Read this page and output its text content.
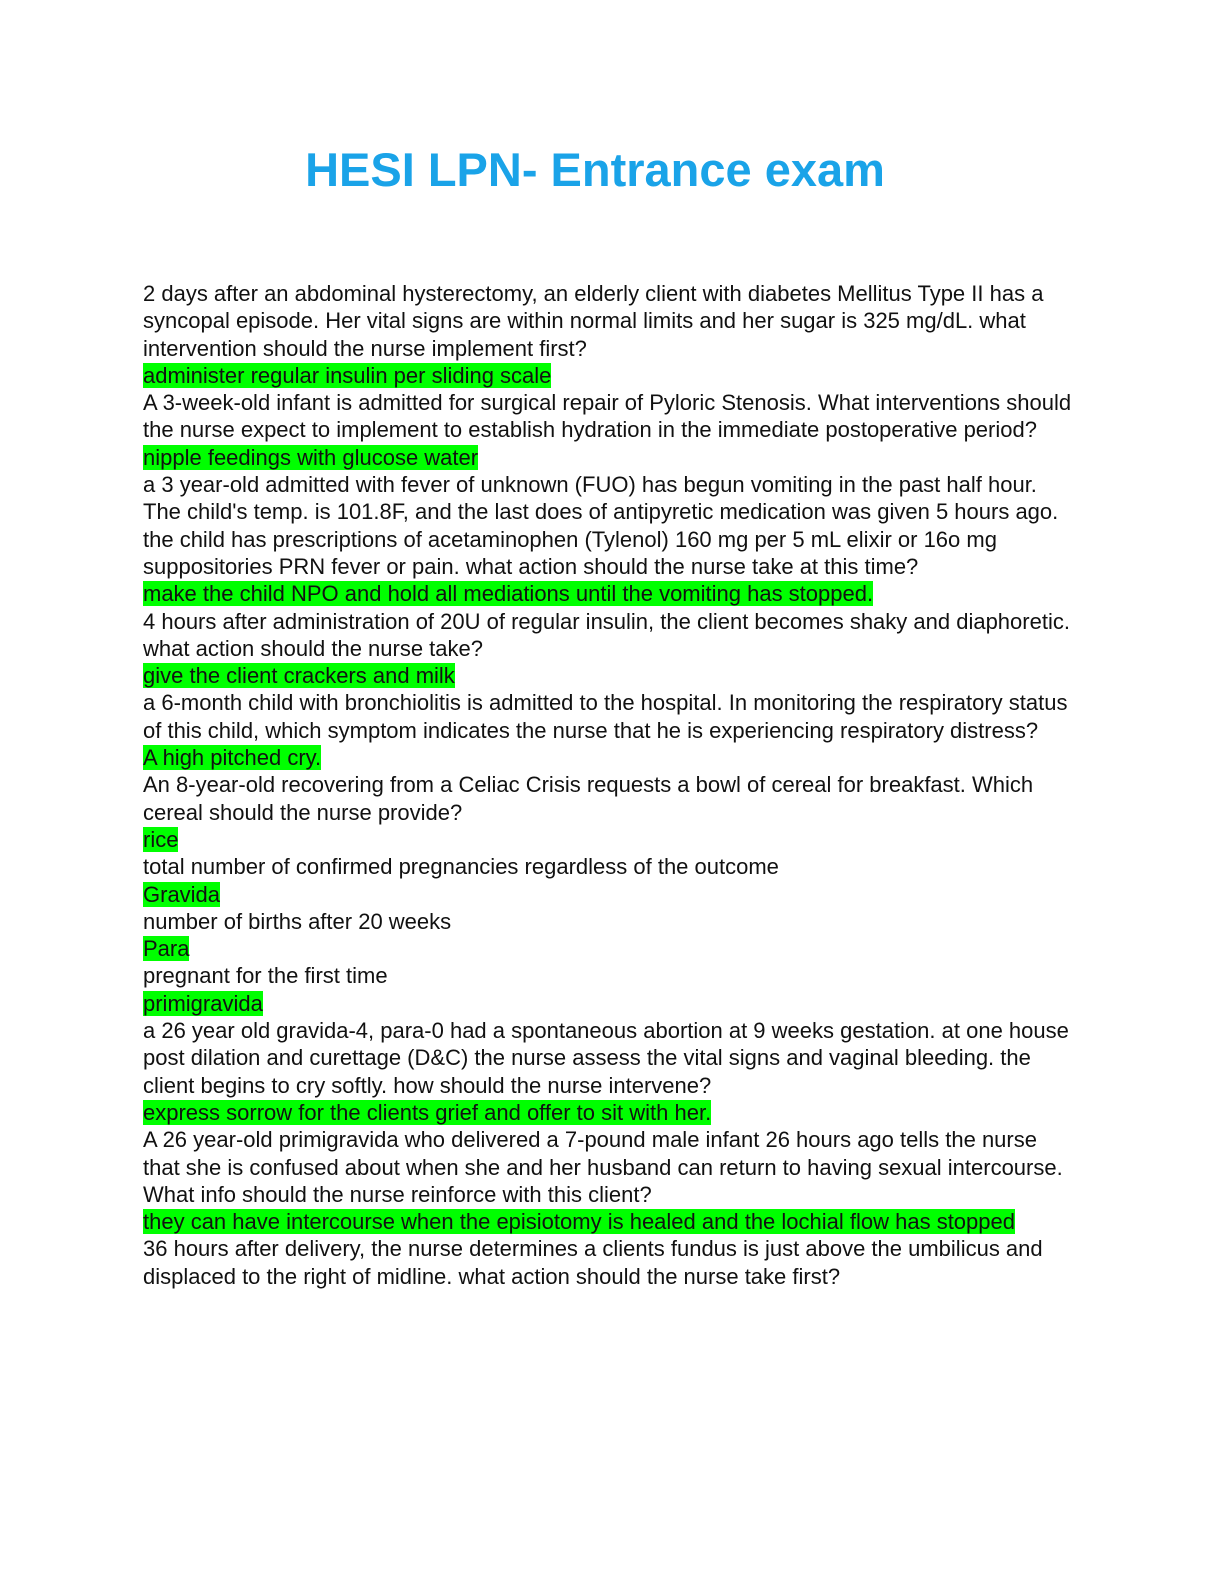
HESI LPN- Entrance exam
2 days after an abdominal hysterectomy, an elderly client with diabetes Mellitus Type II has a syncopal episode. Her vital signs are within normal limits and her sugar is 325 mg/dL. what intervention should the nurse implement first?
administer regular insulin per sliding scale
A 3-week-old infant is admitted for surgical repair of Pyloric Stenosis. What interventions should the nurse expect to implement to establish hydration in the immediate postoperative period?
nipple feedings with glucose water
a 3 year-old admitted with fever of unknown (FUO) has begun vomiting in the past half hour. The child's temp. is 101.8F, and the last does of antipyretic medication was given 5 hours ago. the child has prescriptions of acetaminophen (Tylenol) 160 mg per 5 mL elixir or 16o mg suppositories PRN fever or pain. what action should the nurse take at this time?
make the child NPO and hold all mediations until the vomiting has stopped.
4 hours after administration of 20U of regular insulin, the client becomes shaky and diaphoretic. what action should the nurse take?
give the client crackers and milk
a 6-month child with bronchiolitis is admitted to the hospital. In monitoring the respiratory status of this child, which symptom indicates the nurse that he is experiencing respiratory distress?
A high pitched cry.
An 8-year-old recovering from a Celiac Crisis requests a bowl of cereal for breakfast. Which cereal should the nurse provide?
rice
total number of confirmed pregnancies regardless of the outcome
Gravida
number of births after 20 weeks
Para
pregnant for the first time
primigravida
a 26 year old gravida-4, para-0 had a spontaneous abortion at 9 weeks gestation. at one house post dilation and curettage (D&C) the nurse assess the vital signs and vaginal bleeding. the client begins to cry softly. how should the nurse intervene?
express sorrow for the clients grief and offer to sit with her.
A 26 year-old primigravida who delivered a 7-pound male infant 26 hours ago tells the nurse that she is confused about when she and her husband can return to having sexual intercourse. What info should the nurse reinforce with this client?
they can have intercourse when the episiotomy is healed and the lochial flow has stopped
36 hours after delivery, the nurse determines a clients fundus is just above the umbilicus and displaced to the right of midline. what action should the nurse take first?
